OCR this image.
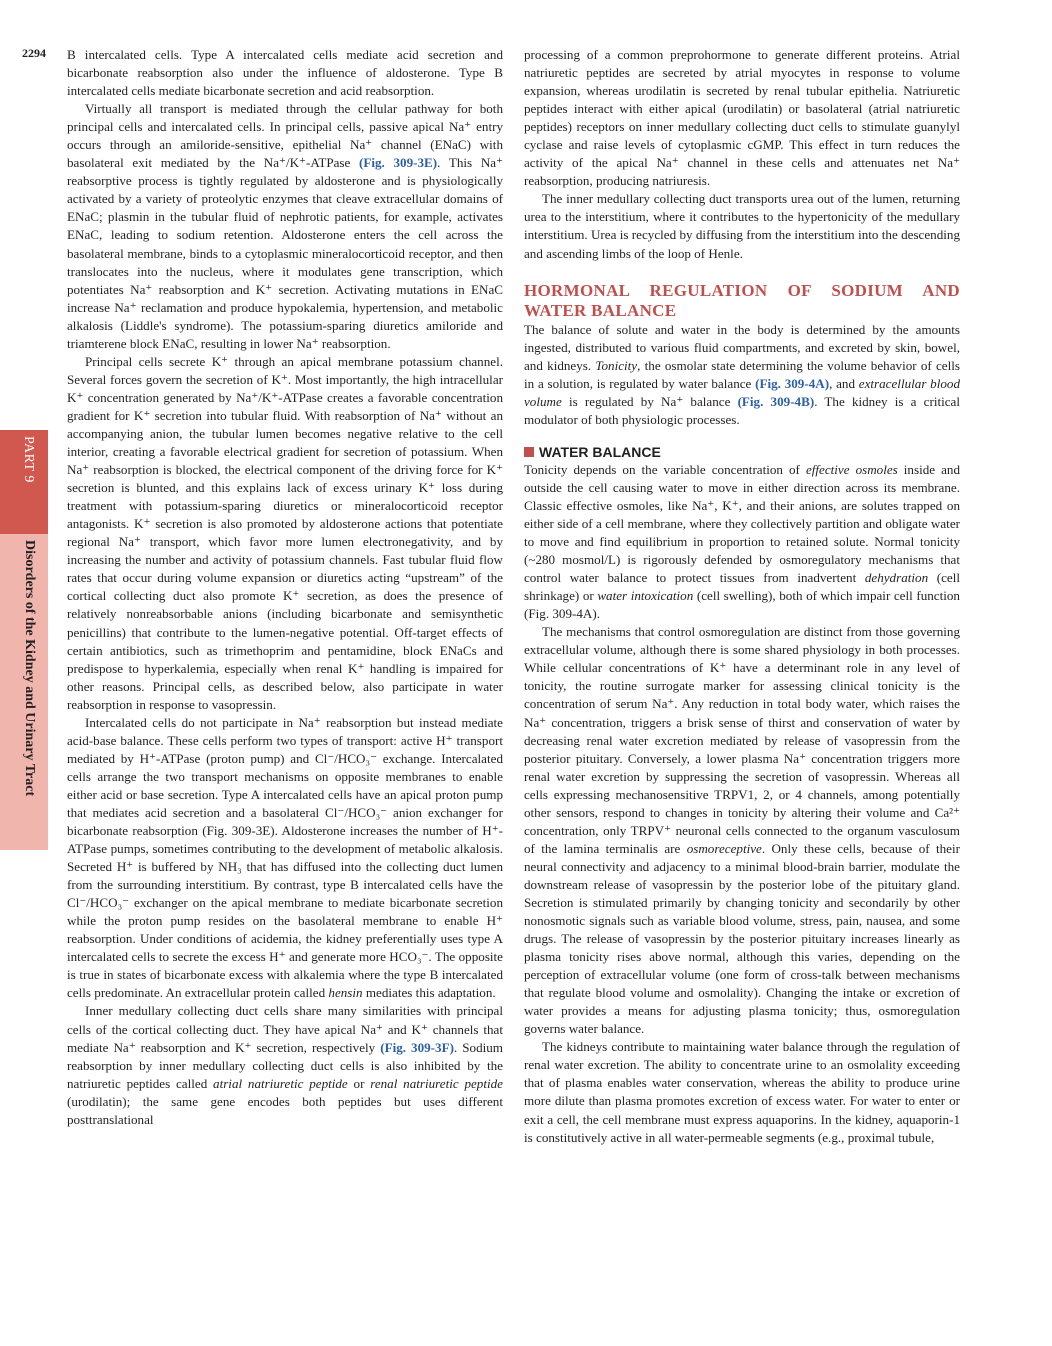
2294
PART 9
Disorders of the Kidney and Urinary Tract

B intercalated cells. Type A intercalated cells mediate acid secretion and bicarbonate reabsorption also under the influence of aldosterone. Type B intercalated cells mediate bicarbonate secretion and acid reabsorption.

Virtually all transport is mediated through the cellular pathway for both principal cells and intercalated cells. In principal cells, passive apical Na⁺ entry occurs through an amiloride-sensitive, epithelial Na⁺ channel (ENaC) with basolateral exit mediated by the Na⁺/K⁺-ATPase (Fig. 309-3E). This Na⁺ reabsorptive process is tightly regulated by aldosterone and is physiologically activated by a variety of proteolytic enzymes that cleave extracellular domains of ENaC; plasmin in the tubular fluid of nephrotic patients, for example, activates ENaC, leading to sodium retention. Aldosterone enters the cell across the basolateral membrane, binds to a cytoplasmic mineralocorticoid receptor, and then translocates into the nucleus, where it modulates gene transcription, which potentiates Na⁺ reabsorption and K⁺ secretion. Activating mutations in ENaC increase Na⁺ reclamation and produce hypokalemia, hypertension, and metabolic alkalosis (Liddle's syndrome). The potassium-sparing diuretics amiloride and triamterene block ENaC, resulting in lower Na⁺ reabsorption.

Principal cells secrete K⁺ through an apical membrane potassium channel. Several forces govern the secretion of K⁺. Most importantly, the high intracellular K⁺ concentration generated by Na⁺/K⁺-ATPase creates a favorable concentration gradient for K⁺ secretion into tubular fluid. With reabsorption of Na⁺ without an accompanying anion, the tubular lumen becomes negative relative to the cell interior, creating a favorable electrical gradient for secretion of potassium. When Na⁺ reabsorption is blocked, the electrical component of the driving force for K⁺ secretion is blunted, and this explains lack of excess urinary K⁺ loss during treatment with potassium-sparing diuretics or mineralocorticoid receptor antagonists. K⁺ secretion is also promoted by aldosterone actions that potentiate regional Na⁺ transport, which favor more lumen electronegativity, and by increasing the number and activity of potassium channels. Fast tubular fluid flow rates that occur during volume expansion or diuretics acting “upstream” of the cortical collecting duct also promote K⁺ secretion, as does the presence of relatively nonreabsorbable anions (including bicarbonate and semisynthetic penicillins) that contribute to the lumen-negative potential. Off-target effects of certain antibiotics, such as trimethoprim and pentamidine, block ENaCs and predispose to hyperkalemia, especially when renal K⁺ handling is impaired for other reasons. Principal cells, as described below, also participate in water reabsorption in response to vasopressin.

Intercalated cells do not participate in Na⁺ reabsorption but instead mediate acid-base balance. These cells perform two types of transport: active H⁺ transport mediated by H⁺-ATPase (proton pump) and Cl⁻/HCO₃⁻ exchange. Intercalated cells arrange the two transport mechanisms on opposite membranes to enable either acid or base secretion. Type A intercalated cells have an apical proton pump that mediates acid secretion and a basolateral Cl⁻/HCO₃⁻ anion exchanger for bicarbonate reabsorption (Fig. 309-3E). Aldosterone increases the number of H⁺-ATPase pumps, sometimes contributing to the development of metabolic alkalosis. Secreted H⁺ is buffered by NH₃ that has diffused into the collecting duct lumen from the surrounding interstitium. By contrast, type B intercalated cells have the Cl⁻/HCO₃⁻ exchanger on the apical membrane to mediate bicarbonate secretion while the proton pump resides on the basolateral membrane to enable H⁺ reabsorption. Under conditions of acidemia, the kidney preferentially uses type A intercalated cells to secrete the excess H⁺ and generate more HCO₃⁻. The opposite is true in states of bicarbonate excess with alkalemia where the type B intercalated cells predominate. An extracellular protein called hensin mediates this adaptation.

Inner medullary collecting duct cells share many similarities with principal cells of the cortical collecting duct. They have apical Na⁺ and K⁺ channels that mediate Na⁺ reabsorption and K⁺ secretion, respectively (Fig. 309-3F). Sodium reabsorption by inner medullary collecting duct cells is also inhibited by the natriuretic peptides called atrial natriuretic peptide or renal natriuretic peptide (urodilatin); the same gene encodes both peptides but uses different posttranslational

processing of a common preprohormone to generate different proteins. Atrial natriuretic peptides are secreted by atrial myocytes in response to volume expansion, whereas urodilatin is secreted by renal tubular epithelia. Natriuretic peptides interact with either apical (urodilatin) or basolateral (atrial natriuretic peptides) receptors on inner medullary collecting duct cells to stimulate guanylyl cyclase and raise levels of cytoplasmic cGMP. This effect in turn reduces the activity of the apical Na⁺ channel in these cells and attenuates net Na⁺ reabsorption, producing natriuresis.

The inner medullary collecting duct transports urea out of the lumen, returning urea to the interstitium, where it contributes to the hypertonicity of the medullary interstitium. Urea is recycled by diffusing from the interstitium into the descending and ascending limbs of the loop of Henle.

HORMONAL REGULATION OF SODIUM AND WATER BALANCE

The balance of solute and water in the body is determined by the amounts ingested, distributed to various fluid compartments, and excreted by skin, bowel, and kidneys. Tonicity, the osmolar state determining the volume behavior of cells in a solution, is regulated by water balance (Fig. 309-4A), and extracellular blood volume is regulated by Na⁺ balance (Fig. 309-4B). The kidney is a critical modulator of both physiologic processes.

WATER BALANCE

Tonicity depends on the variable concentration of effective osmoles inside and outside the cell causing water to move in either direction across its membrane. Classic effective osmoles, like Na⁺, K⁺, and their anions, are solutes trapped on either side of a cell membrane, where they collectively partition and obligate water to move and find equilibrium in proportion to retained solute. Normal tonicity (~280 mosmol/L) is rigorously defended by osmoregulatory mechanisms that control water balance to protect tissues from inadvertent dehydration (cell shrinkage) or water intoxication (cell swelling), both of which impair cell function (Fig. 309-4A).

The mechanisms that control osmoregulation are distinct from those governing extracellular volume, although there is some shared physiology in both processes. While cellular concentrations of K⁺ have a determinant role in any level of tonicity, the routine surrogate marker for assessing clinical tonicity is the concentration of serum Na⁺. Any reduction in total body water, which raises the Na⁺ concentration, triggers a brisk sense of thirst and conservation of water by decreasing renal water excretion mediated by release of vasopressin from the posterior pituitary. Conversely, a lower plasma Na⁺ concentration triggers more renal water excretion by suppressing the secretion of vasopressin. Whereas all cells expressing mechanosensitive TRPV1, 2, or 4 channels, among potentially other sensors, respond to changes in tonicity by altering their volume and Ca²⁺ concentration, only TRPV⁺ neuronal cells connected to the organum vasculosum of the lamina terminalis are osmoreceptive. Only these cells, because of their neural connectivity and adjacency to a minimal blood-brain barrier, modulate the downstream release of vasopressin by the posterior lobe of the pituitary gland. Secretion is stimulated primarily by changing tonicity and secondarily by other nonosmotic signals such as variable blood volume, stress, pain, nausea, and some drugs. The release of vasopressin by the posterior pituitary increases linearly as plasma tonicity rises above normal, although this varies, depending on the perception of extracellular volume (one form of cross-talk between mechanisms that regulate blood volume and osmolality). Changing the intake or excretion of water provides a means for adjusting plasma tonicity; thus, osmoregulation governs water balance.

The kidneys contribute to maintaining water balance through the regulation of renal water excretion. The ability to concentrate urine to an osmolality exceeding that of plasma enables water conservation, whereas the ability to produce urine more dilute than plasma promotes excretion of excess water. For water to enter or exit a cell, the cell membrane must express aquaporins. In the kidney, aquaporin-1 is constitutively active in all water-permeable segments (e.g., proximal tubule,
